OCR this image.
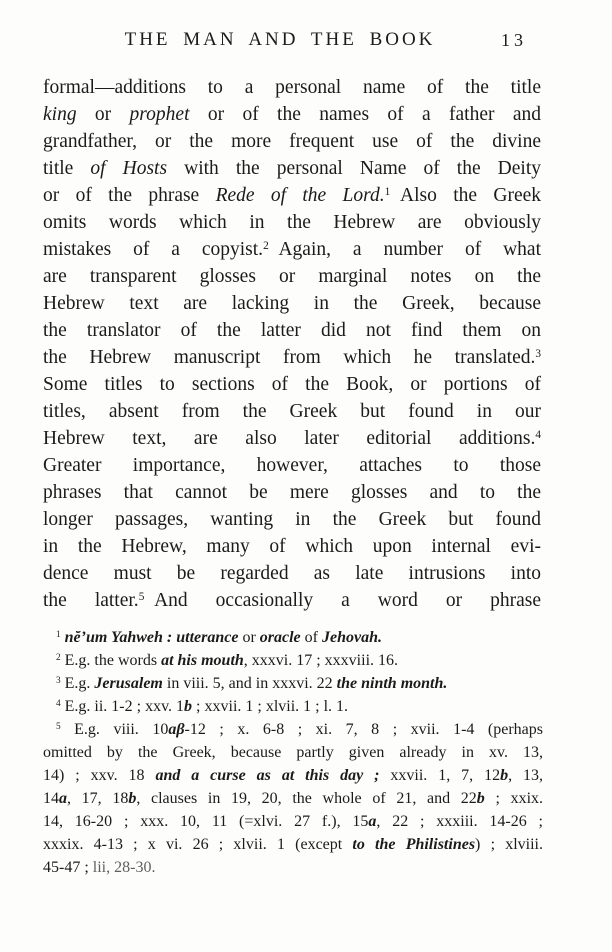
THE MAN AND THE BOOK	13
formal—additions to a personal name of the title
king or prophet or of the names of a father and
grandfather, or the more frequent use of the divine
title of Hosts with the personal Name of the Deity
or of the phrase Rede of the Lord.$^1$ Also the Greek
omits words which in the Hebrew are obviously
mistakes of a copyist.$^2$ Again, a number of what
are transparent glosses or marginal notes on the
Hebrew text are lacking in the Greek, because
the translator of the latter did not find them on
the Hebrew manuscript from which he translated.$^3$
Some titles to sections of the Book, or portions of
titles, absent from the Greek but found in our
Hebrew text, are also later editorial additions.$^4$
Greater importance, however, attaches to those
phrases that cannot be mere glosses and to the
longer passages, wanting in the Greek but found
in the Hebrew, many of which upon internal evi-
dence must be regarded as late intrusions into
the latter.$^5$ And occasionally a word or phrase
$^1$ nĕ’um Yahweh : utterance or oracle of Jehovah.
$^2$ E.g. the words at his mouth, xxxvi. 17 ; xxxviii. 16.
$^3$ E.g. Jerusalem in viii. 5, and in xxxvi. 22 the ninth month.
$^4$ E.g. ii. 1-2 ; xxv. 1b ; xxvii. 1 ; xlvii. 1 ; l. 1.
$^5$ E.g. viii. 10aβ-12 ; x. 6-8 ; xi. 7, 8 ; xvii. 1-4 (perhaps
omitted by the Greek, because partly given already in xv. 13,
14) ; xxv. 18 and a curse as at this day ; xxvii. 1, 7, 12b, 13,
14a, 17, 18b, clauses in 19, 20, the whole of 21, and 22b ; xxix.
14, 16-20 ; xxx. 10, 11 (=xlvi. 27 f.), 15a, 22 ; xxxiii. 14-26 ;
xxxix. 4-13 ; x vi. 26 ; xlvii. 1 (except to the Philistines) ; xlviii.
45-47 ; lii, 28-30.
